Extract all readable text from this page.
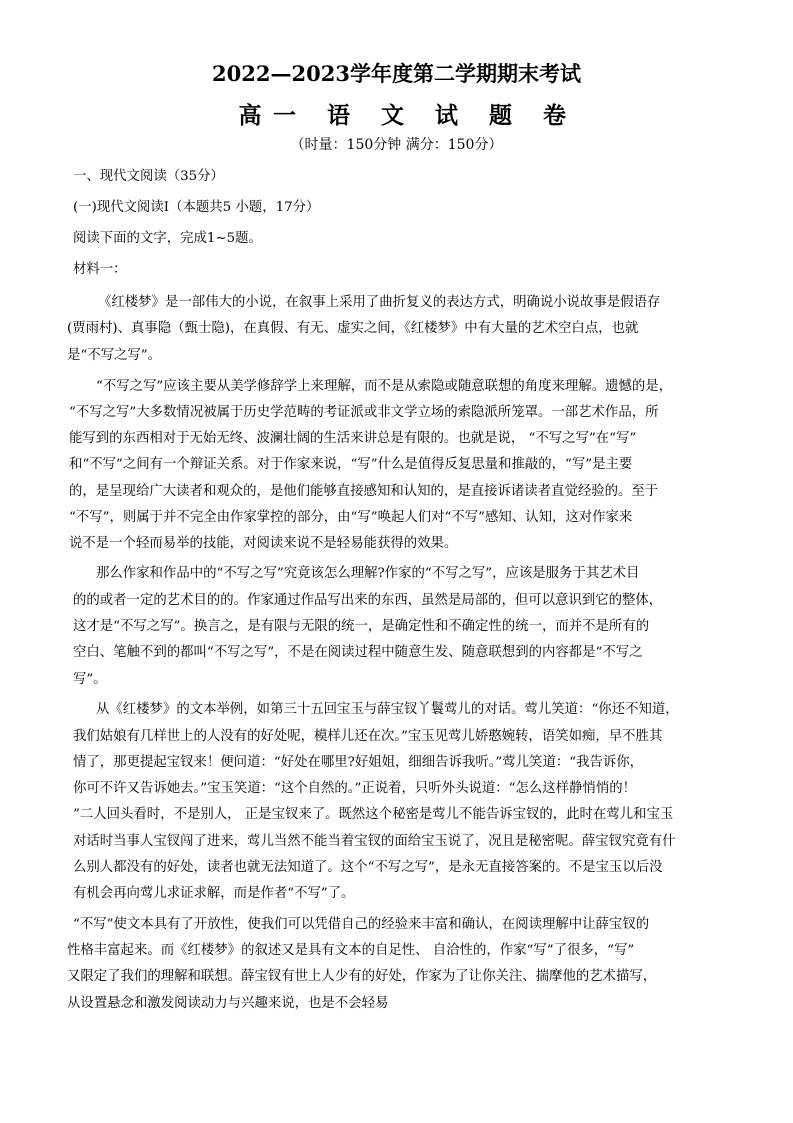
2022—2023学年度第二学期期末考试
高一 语 文 试 题 卷
（时量：150分钟 满分：150分）
一、现代文阅读（35分）
(一)现代文阅读Ⅰ（本题共5 小题，17分）
阅读下面的文字，完成1~5题。
材料一：
《红楼梦》是一部伟大的小说，在叙事上采用了曲折复义的表达方式，明确说小说故事是假语存
(贾雨村)、真事隐（甄士隐)，在真假、有无、虚实之间，《红楼梦》中有大量的艺术空白点，也就
是“不写之写”。
“不写之写”应该主要从美学修辞学上来理解，而不是从索隐或随意联想的角度来理解。遗憾的是，
“不写之写”大多数情况被属于历史学范畴的考证派或非文学立场的索隐派所笼罩。一部艺术作品，所
能写到的东西相对于无始无终、波澜壮阔的生活来讲总是有限的。也就是说， “不写之写”在“写”
和“不写”之间有一个辩证关系。对于作家来说，“写”什么是值得反复思量和推敲的，“写”是主要
的，是呈现给广大读者和观众的，是他们能够直接感知和认知的，是直接诉诸读者直觉经验的。至于
“不写”，则属于并不完全由作家掌控的部分，由“写”唤起人们对“不写”感知、认知，这对作家来
说不是一个轻而易举的技能，对阅读来说不是轻易能获得的效果。
那么作家和作品中的“不写之写”究竟该怎么理解?作家的“不写之写”，应该是服务于其艺术目
的的或者一定的艺术目的的。作家通过作品写出来的东西，虽然是局部的，但可以意识到它的整体，
这才是“不写之写”。换言之，是有限与无限的统一，是确定性和不确定性的统一，而并不是所有的
空白、笔触不到的都叫“不写之写”，不是在阅读过程中随意生发、随意联想到的内容都是“不写之
写”。
从《红楼梦》的文本举例，如第三十五回宝玉与薛宝钗丫鬟莺儿的对话。莺儿笑道：“你还不知道，
我们姑娘有几样世上的人没有的好处呢，模样儿还在次。”宝玉见莺儿娇憨婉转，语笑如痴，早不胜其
情了，那更提起宝钗来！便问道：“好处在哪里?好姐姐，细细告诉我听。”莺儿笑道：“我告诉你，
你可不许又告诉她去。”宝玉笑道：“这个自然的。”正说着，只听外头说道：“怎么这样静悄悄的！
”二人回头看时，不是别人， 正是宝钗来了。既然这个秘密是莺儿不能告诉宝钗的，此时在莺儿和宝玉
对话时当事人宝钗闯了进来，莺儿当然不能当着宝钗的面给宝玉说了，况且是秘密呢。薛宝钗究竟有什
么别人都没有的好处，读者也就无法知道了。这个“不写之写”，是永无直接答案的。不是宝玉以后没
有机会再向莺儿求证求解，而是作者“不写”了。
“不写”使文本具有了开放性，使我们可以凭借自己的经验来丰富和确认，在阅读理解中让薛宝钗的
性格丰富起来。而《红楼梦》的叙述又是具有文本的自足性、 自洽性的，作家“写”了很多，“写”
又限定了我们的理解和联想。薛宝钗有世上人少有的好处，作家为了让你关注、揣摩他的艺术描写，
从设置悬念和激发阅读动力与兴趣来说，也是不会轻易
